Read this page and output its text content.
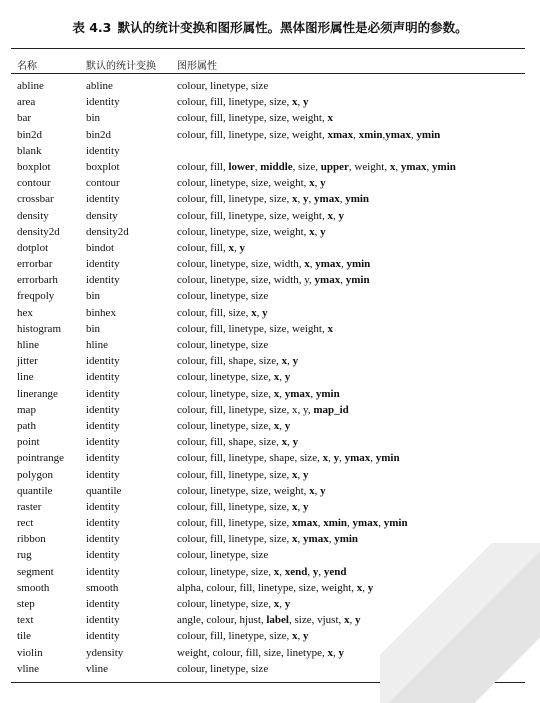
表 4.3 默认的统计变换和图形属性。黑体图形属性是必须声明的参数。
名称	默认的统计变换 图形属性
abline	abline	colour, linetype, size
area	identity	colour, fill, linetype, size, x, y
bar	bin	colour, fill, linetype, size, weight, x
bin2d	bin2d	colour, fill, linetype, size, weight, xmax, xmin,ymax, ymin
blank	identity
boxplot	boxplot	colour, fill, lower, middle, size, upper, weight, x, ymax, ymin
contour	contour	colour, linetype, size, weight, x, y
crossbar	identity	colour, fill, linetype, size, x, y, ymax, ymin
density	density	colour, fill, linetype, size, weight, x, y
density2d density2d	colour, linetype, size, weight, x, y
dotplot	bindot	colour, fill, x, y
errorbar	identity	colour, linetype, size, width, x, ymax, ymin
errorbarh	identity	colour, linetype, size, width, y, ymax, ymin
freqpoly	bin	colour, linetype, size
hex	binhex	colour, fill, size, x, y
histogram bin	colour, fill, linetype, size, weight, x
hline	hline	colour, linetype, size
jitter	identity	colour, fill, shape, size, x, y
line	identity	colour, linetype, size, x, y
linerange	identity	colour, linetype, size, x, ymax, ymin
map	identity	colour, fill, linetype, size, x, y, map_id
path	identity	colour, linetype, size, x, y
point	identity	colour, fill, shape, size, x, y
pointrange identity	colour, fill, linetype, shape, size, x, y, ymax, ymin
polygon	identity	colour, fill, linetype, size, x, y
quantile	quantile	colour, linetype, size, weight, x, y
raster	identity	colour, fill, linetype, size, x, y
rect	identity	colour, fill, linetype, size, xmax, xmin, ymax, ymin
ribbon	identity	colour, fill, linetype, size, x, ymax, ymin
rug	identity	colour, linetype, size
segment	identity	colour, linetype, size, x, xend, y, yend
smooth	smooth	alpha, colour, fill, linetype, size, weight, x, y
step	identity	colour, linetype, size, x, y
text	identity	angle, colour, hjust, label, size, vjust, x, y
tile	identity	colour, fill, linetype, size, x, y
violin	ydensity	weight, colour, fill, size, linetype, x, y
vline	vline	colour, linetype, size
